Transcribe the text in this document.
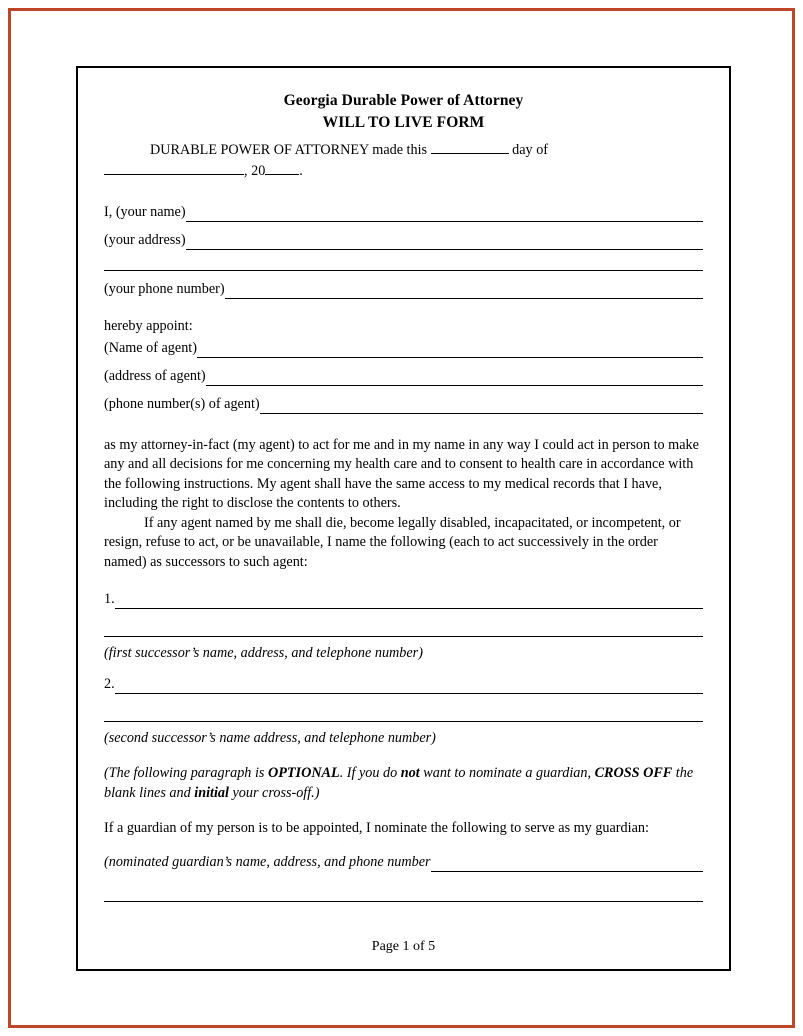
Georgia Durable Power of Attorney
WILL TO LIVE FORM
DURABLE POWER OF ATTORNEY made this	day of
, 20 .
I, (your name)
(your address)
(your phone number)
hereby appoint:
(Name of agent)
(address of agent)
(phone number(s) of agent)
as my attorney-in-fact (my agent) to act for me and in my name in any way I could act in person to make any and all decisions for me concerning my health care and to consent to health care in accordance with the following instructions. My agent shall have the same access to my medical records that I have, including the right to disclose the contents to others.
If any agent named by me shall die, become legally disabled, incapacitated, or incompetent, or resign, refuse to act, or be unavailable, I name the following (each to act successively in the order named) as successors to such agent:
1.
(first successor’s name, address, and telephone number)
2.
(second successor’s name address, and telephone number)
(The following paragraph is OPTIONAL. If you do not want to nominate a guardian, CROSS OFF the blank lines and initial your cross-off.)
If a guardian of my person is to be appointed, I nominate the following to serve as my guardian:
(nominated guardian’s name, address, and phone number
Page 1 of 5
